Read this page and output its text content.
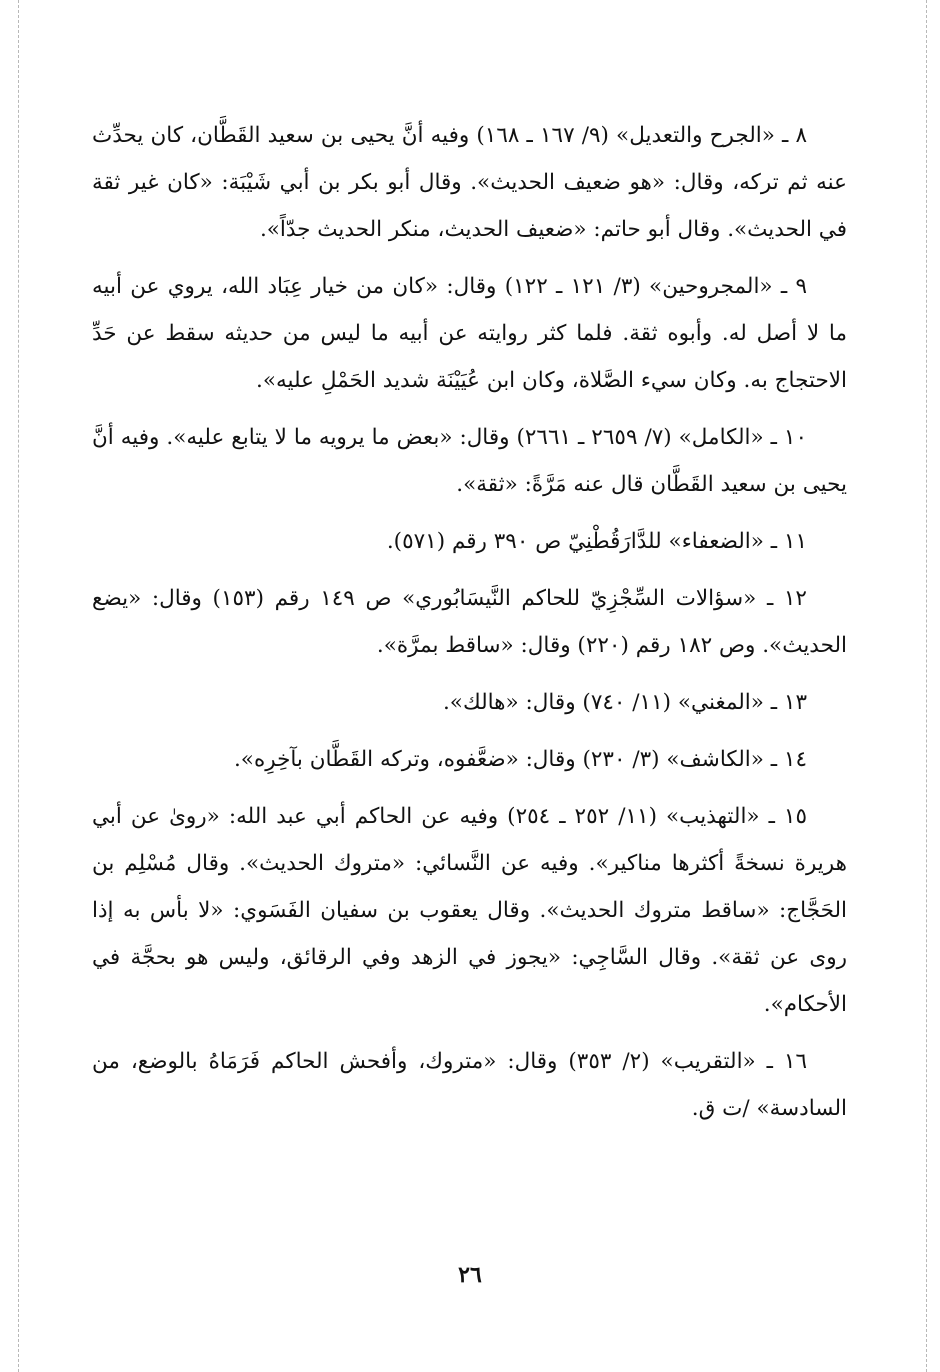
٨ ـ «الجرح والتعديل» (٩/ ١٦٧ ـ ١٦٨) وفيه أنَّ يحيى بن سعيد القَطَّان، كان يحدِّث عنه ثم تركه، وقال: «هو ضعيف الحديث». وقال أبو بكر بن أبي شَيْبَة: «كان غير ثقة في الحديث». وقال أبو حاتم: «ضعيف الحديث، منكر الحديث جدّاً».

٩ ـ «المجروحين» (٣/ ١٢١ ـ ١٢٢) وقال: «كان من خيار عِبَاد الله، يروي عن أبيه ما لا أصل له. وأبوه ثقة. فلما كثر روايته عن أبيه ما ليس من حديثه سقط عن حَدِّ الاحتجاج به. وكان سيء الصَّلاة، وكان ابن عُيَيْنَة شديد الحَمْلِ عليه».

١٠ ـ «الكامل» (٧/ ٢٦٥٩ ـ ٢٦٦١) وقال: «بعض ما يرويه ما لا يتابع عليه». وفيه أنَّ يحيى بن سعيد القَطَّان قال عنه مَرَّةً: «ثقة».

١١ ـ «الضعفاء» للدَّارَقُطْنِيّ ص ٣٩٠ رقم (٥٧١).

١٢ ـ «سؤالات السِّجْزِيّ للحاكم النَّيسَابُوري» ص ١٤٩ رقم (١٥٣) وقال: «يضع الحديث». وص ١٨٢ رقم (٢٢٠) وقال: «ساقط بمرَّة».

١٣ ـ «المغني» (١١/ ٧٤٠) وقال: «هالك».

١٤ ـ «الكاشف» (٣/ ٢٣٠) وقال: «ضعَّفوه، وتركه القَطَّان بآخِرِه».

١٥ ـ «التهذيب» (١١/ ٢٥٢ ـ ٢٥٤) وفيه عن الحاكم أبي عبد الله: «روىٰ عن أبي هريرة نسخةً أكثرها مناكير». وفيه عن النَّسائي: «متروك الحديث». وقال مُسْلِم بن الحَجَّاج: «ساقط متروك الحديث». وقال يعقوب بن سفيان الفَسَوي: «لا بأس به إذا روى عن ثقة». وقال السَّاجِي: «يجوز في الزهد وفي الرقائق، وليس هو بحجَّة في الأحكام».

١٦ ـ «التقريب» (٢/ ٣٥٣) وقال: «متروك، وأفحش الحاكم فَرَمَاهُ بالوضع، من السادسة» /ت ق.

٢٦
